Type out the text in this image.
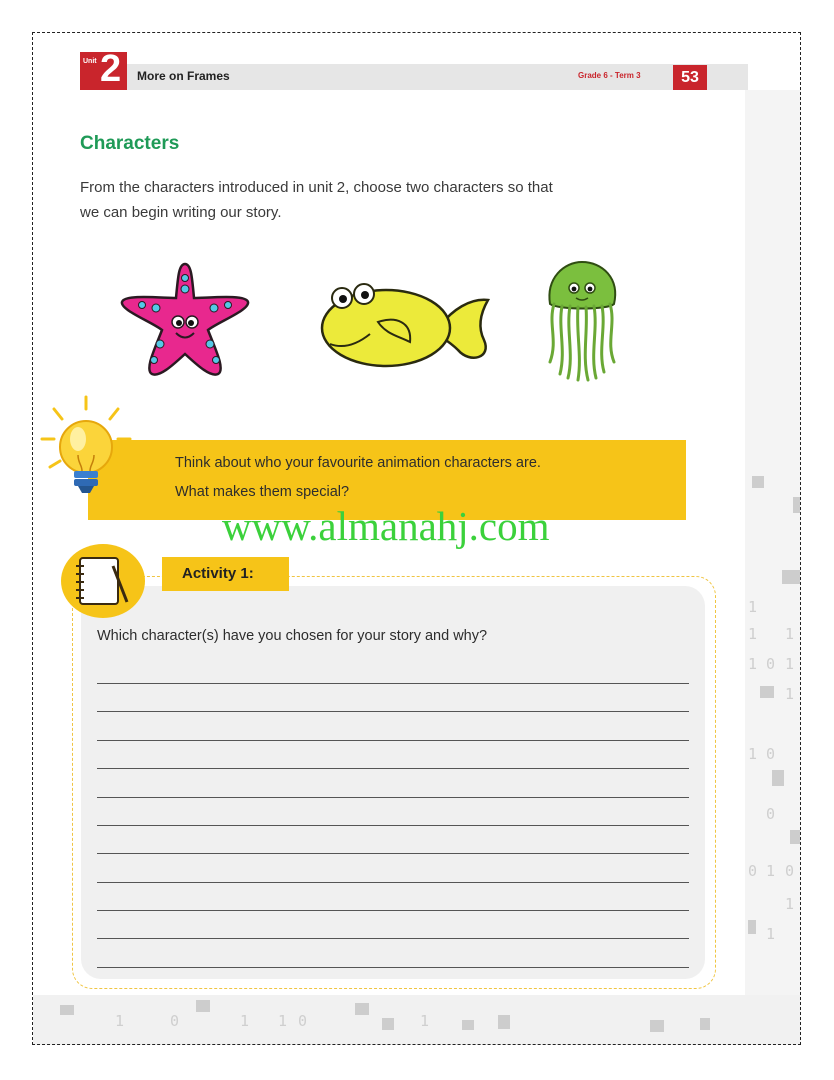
1
1 1
1 0 1
1
1 0
0
0 1 0
1
1
1	0	1 1 0	1
Unit 2 More on Frames	Grade 6 - Term 3	53
Characters
From the characters introduced in unit 2, choose two characters so that
we can begin writing our story.
Think about who your favourite animation characters are.
What makes them special?
www.almanahj.com
Activity 1:
Which character(s) have you chosen for your story and why?
